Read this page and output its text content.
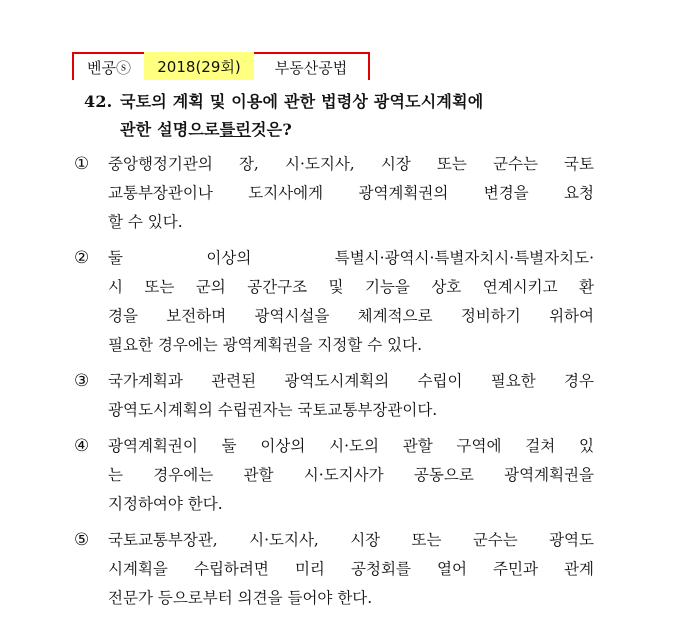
벤공ⓢ	2018(29회)	부동산공법
42. 국토의 계획 및 이용에 관한 법령상 광역도시계획에
관한 설명으로 틀린 것은?
①	중앙행정기관의 장, 시·도지사, 시장 또는 군수는 국토
교통부장관이나 도지사에게 광역계획권의 변경을 요청
할 수 있다.
②	둘 이상의 특별시·광역시·특별자치시·특별자치도·
시 또는 군의 공간구조 및 기능을 상호 연계시키고 환
경을 보전하며 광역시설을 체계적으로 정비하기 위하여
필요한 경우에는 광역계획권을 지정할 수 있다.
③	국가계획과 관련된 광역도시계획의 수립이 필요한 경우
광역도시계획의 수립권자는 국토교통부장관이다.
④	광역계획권이 둘 이상의 시·도의 관할 구역에 걸쳐 있
는 경우에는 관할 시·도지사가 공동으로 광역계획권을
지정하여야 한다.
⑤	국토교통부장관, 시·도지사, 시장 또는 군수는 광역도
시계획을 수립하려면 미리 공청회를 열어 주민과 관계
전문가 등으로부터 의견을 들어야 한다.
